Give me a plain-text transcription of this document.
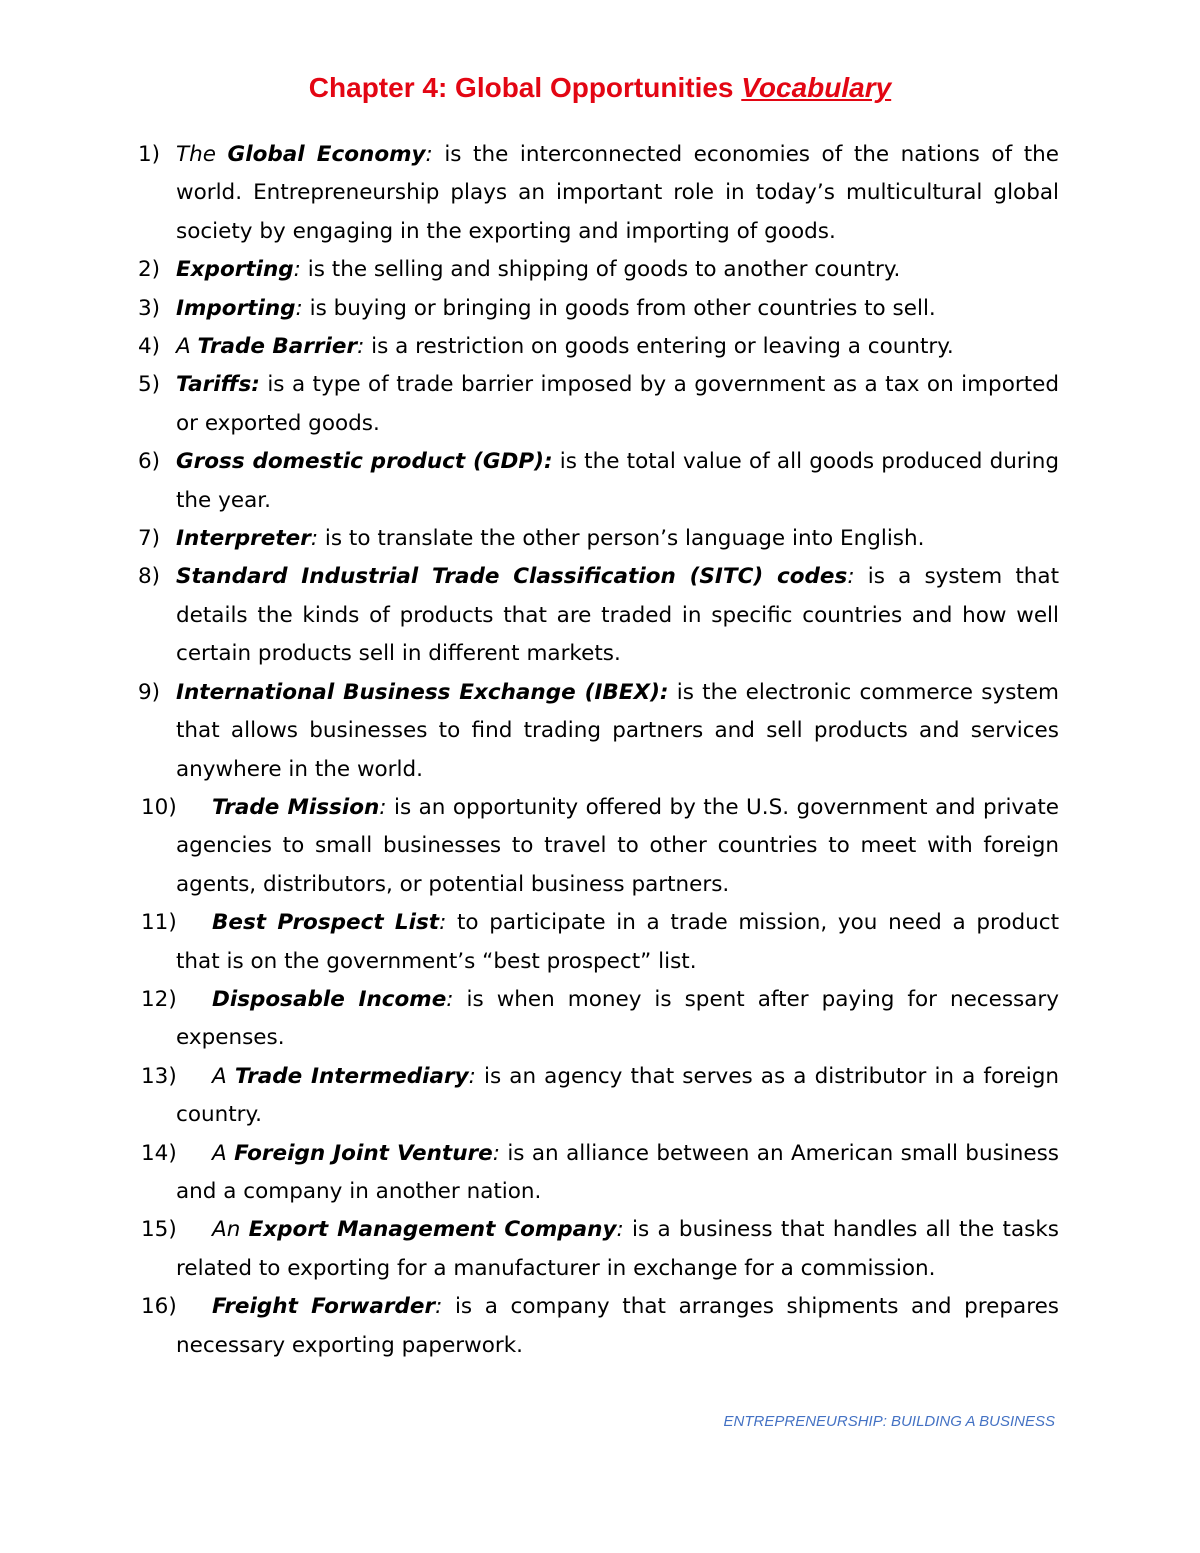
Chapter 4: Global Opportunities Vocabulary
1) The Global Economy: is the interconnected economies of the nations of the world. Entrepreneurship plays an important role in today’s multicultural global society by engaging in the exporting and importing of goods.
2) Exporting: is the selling and shipping of goods to another country.
3) Importing: is buying or bringing in goods from other countries to sell.
4) A Trade Barrier: is a restriction on goods entering or leaving a country.
5) Tariffs: is a type of trade barrier imposed by a government as a tax on imported or exported goods.
6) Gross domestic product (GDP): is the total value of all goods produced during the year.
7) Interpreter: is to translate the other person’s language into English.
8) Standard Industrial Trade Classification (SITC) codes: is a system that details the kinds of products that are traded in specific countries and how well certain products sell in different markets.
9) International Business Exchange (IBEX): is the electronic commerce system that allows businesses to find trading partners and sell products and services anywhere in the world.
10) Trade Mission: is an opportunity offered by the U.S. government and private agencies to small businesses to travel to other countries to meet with foreign agents, distributors, or potential business partners.
11) Best Prospect List: to participate in a trade mission, you need a product that is on the government’s “best prospect” list.
12) Disposable Income: is when money is spent after paying for necessary expenses.
13) A Trade Intermediary: is an agency that serves as a distributor in a foreign country.
14) A Foreign Joint Venture: is an alliance between an American small business and a company in another nation.
15) An Export Management Company: is a business that handles all the tasks related to exporting for a manufacturer in exchange for a commission.
16) Freight Forwarder: is a company that arranges shipments and prepares necessary exporting paperwork.
ENTREPRENEURSHIP: BUILDING A BUSINESS
